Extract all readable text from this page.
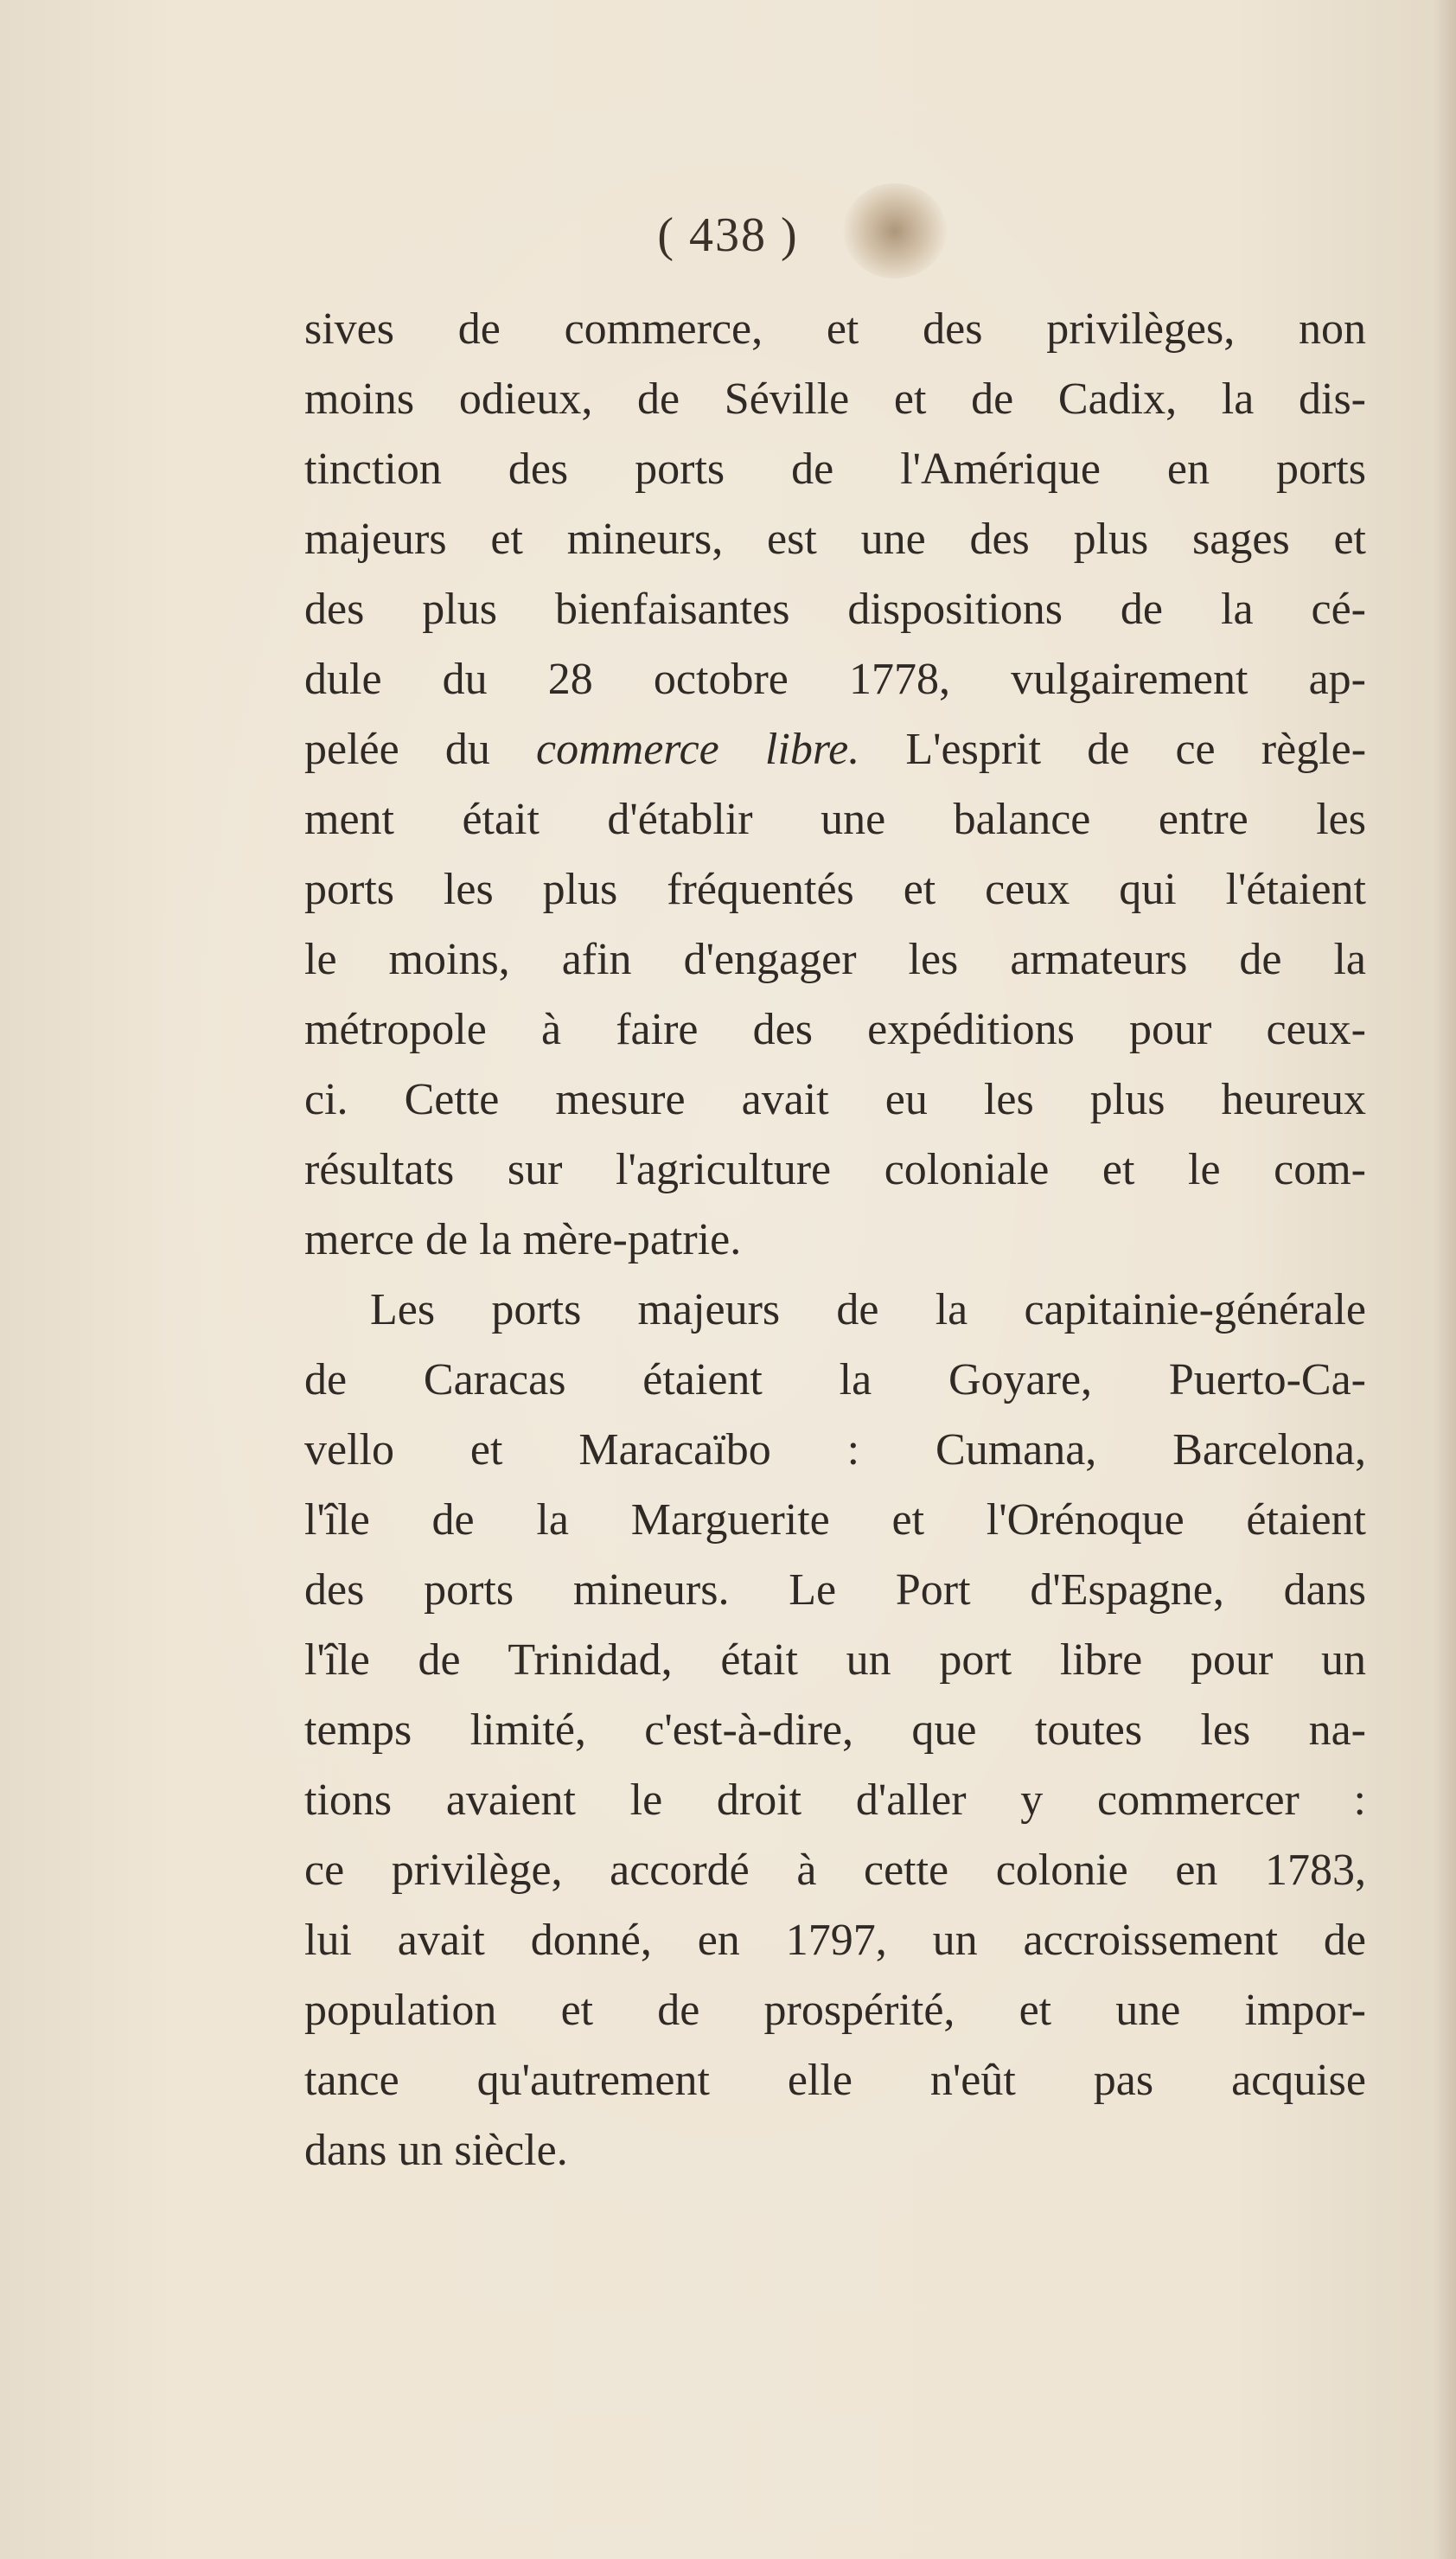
( 438 )
sives de commerce, et des privilèges, non
moins odieux, de Séville et de Cadix, la dis-
tinction des ports de l'Amérique en ports
majeurs et mineurs, est une des plus sages et
des plus bienfaisantes dispositions de la cé-
dule du 28 octobre 1778, vulgairement ap-
pelée du commerce libre. L'esprit de ce règle-
ment était d'établir une balance entre les
ports les plus fréquentés et ceux qui l'étaient
le moins, afin d'engager les armateurs de la
métropole à faire des expéditions pour ceux-
ci. Cette mesure avait eu les plus heureux
résultats sur l'agriculture coloniale et le com-
merce de la mère-patrie.
Les ports majeurs de la capitainie-générale
de Caracas étaient la Goyare, Puerto-Ca-
vello et Maracaïbo : Cumana, Barcelona,
l'île de la Marguerite et l'Orénoque étaient
des ports mineurs. Le Port d'Espagne, dans
l'île de Trinidad, était un port libre pour un
temps limité, c'est-à-dire, que toutes les na-
tions avaient le droit d'aller y commercer :
ce privilège, accordé à cette colonie en 1783,
lui avait donné, en 1797, un accroissement de
population et de prospérité, et une impor-
tance qu'autrement elle n'eût pas acquise
dans un siècle.
